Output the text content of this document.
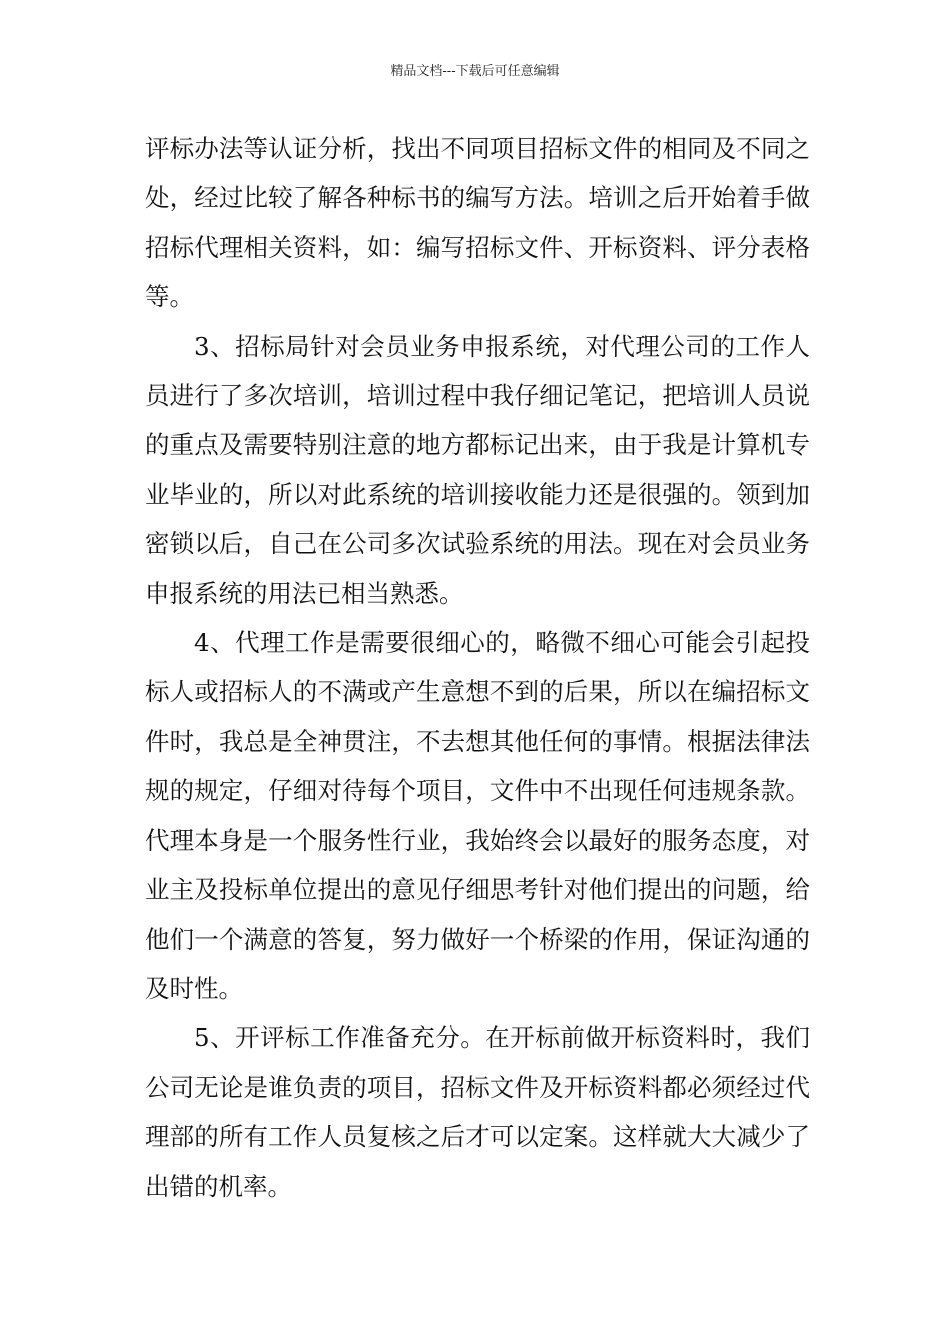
精品文档---下载后可任意编辑

评标办法等认证分析，找出不同项目招标文件的相同及不同之处，经过比较了解各种标书的编写方法。培训之后开始着手做招标代理相关资料，如：编写招标文件、开标资料、评分表格等。

3、招标局针对会员业务申报系统，对代理公司的工作人员进行了多次培训，培训过程中我仔细记笔记，把培训人员说的重点及需要特别注意的地方都标记出来，由于我是计算机专业毕业的，所以对此系统的培训接收能力还是很强的。领到加密锁以后，自己在公司多次试验系统的用法。现在对会员业务申报系统的用法已相当熟悉。

4、代理工作是需要很细心的，略微不细心可能会引起投标人或招标人的不满或产生意想不到的后果，所以在编招标文件时，我总是全神贯注，不去想其他任何的事情。根据法律法规的规定，仔细对待每个项目，文件中不出现任何违规条款。代理本身是一个服务性行业，我始终会以最好的服务态度，对业主及投标单位提出的意见仔细思考针对他们提出的问题，给他们一个满意的答复，努力做好一个桥梁的作用，保证沟通的及时性。

5、开评标工作准备充分。在开标前做开标资料时，我们公司无论是谁负责的项目，招标文件及开标资料都必须经过代理部的所有工作人员复核之后才可以定案。这样就大大减少了出错的机率。
